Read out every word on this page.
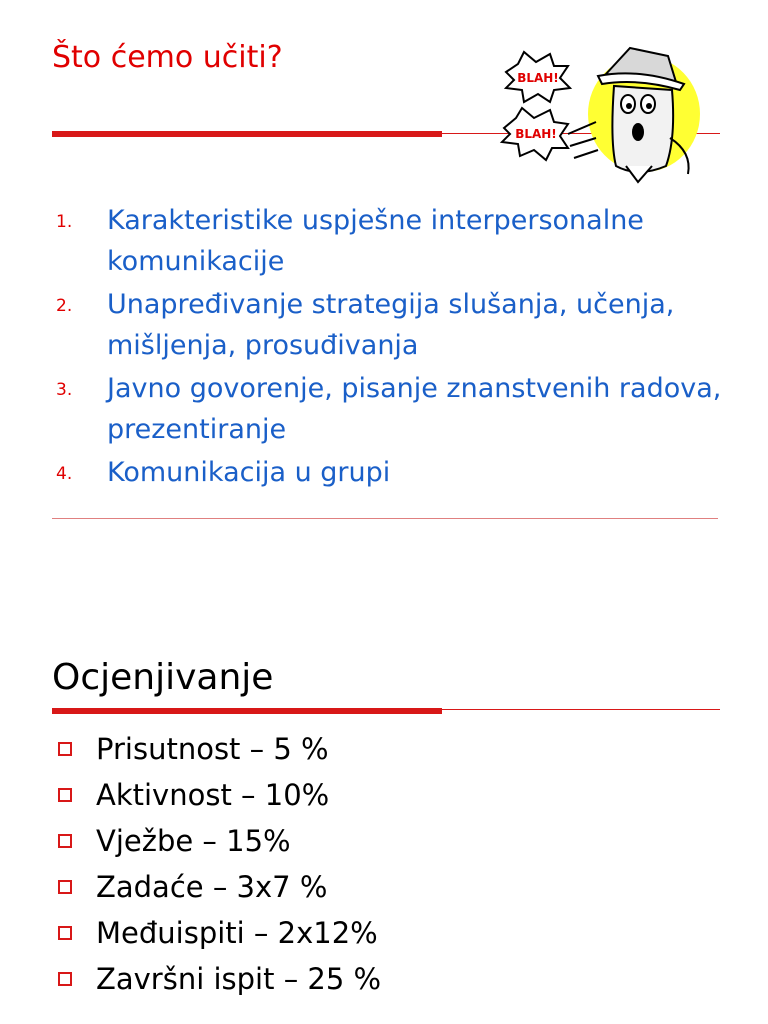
Što ćemo učiti?
BLAH!
BLAH!
1. Karakteristike uspješne interpersonalne komunikacije
2. Unapređivanje strategija slušanja, učenja, mišljenja, prosuđivanja
3. Javno govorenje, pisanje znanstvenih radova, prezentiranje
4. Komunikacija u grupi
Ocjenjivanje
Prisutnost – 5 %
Aktivnost – 10%
Vježbe – 15%
Zadaće – 3x7 %
Međuispiti – 2x12%
Završni ispit – 25 %
